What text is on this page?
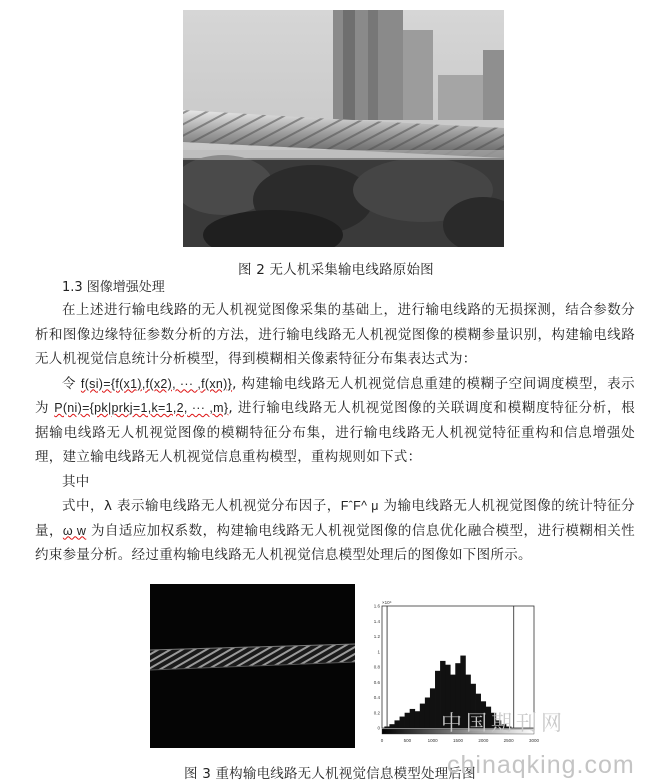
图 2 无人机采集输电线路原始图
1.3 图像增强处理

在上述进行输电线路的无人机视觉图像采集的基础上，进行输电线路的无损探测，结合参数分析和图像边缘特征参数分析的方法，进行输电线路无人机视觉图像的模糊参量识别，构建输电线路无人机视觉信息统计分析模型，得到模糊相关像素特征分布集表达式为：

令 f(si)={f(x1),f(x2), ··· ,f(xn)}, 构建输电线路无人机视觉信息重建的模糊子空间调度模型，表示为 P(ni)={pk|prkj=1,k=1,2, ··· ,m}, 进行输电线路无人机视觉图像的关联调度和模糊度特征分析，根据输电线路无人机视觉图像的模糊特征分布集，进行输电线路无人机视觉特征重构和信息增强处理，建立输电线路无人机视觉信息重构模型，重构规则如下式：

其中

式中，λ 表示输电线路无人机视觉分布因子，FˆF^ μ 为输电线路无人机视觉图像的统计特征分量，ω w 为自适应加权系数，构建输电线路无人机视觉图像的信息优化融合模型，进行模糊相关性约束参量分析。经过重构输电线路无人机视觉信息模型处理后的图像如下图所示。

0	500	1000	1500	2000	2500	3000
0
0.2
0.4
0.6
0.8
1
1.2
1.4
1.6
×10⁴
中国期刊网
图 3 重构输电线路无人机视觉信息模型处理后图
chinaqking.com
